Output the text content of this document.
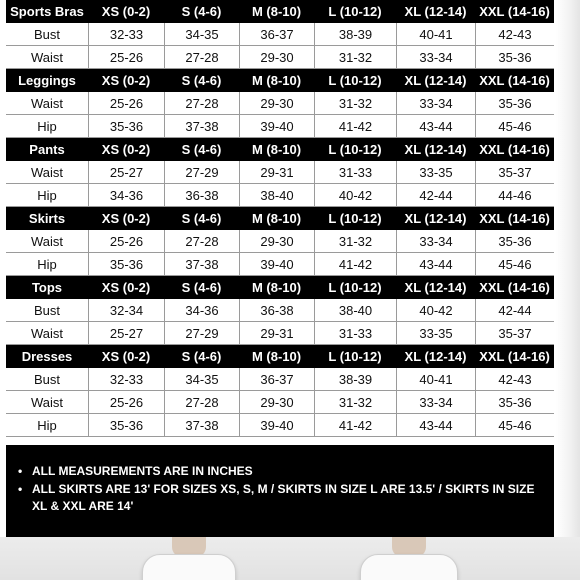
Sports Bras	XS (0-2)	S (4-6)	M (8-10)	L (10-12)	XL (12-14) XXL (14-16)
Bust	32-33	34-35	36-37	38-39	40-41	42-43
Waist	25-26	27-28	29-30	31-32	33-34	35-36
Leggings	XS (0-2)	S (4-6)	M (8-10)	L (10-12)	XL (12-14) XXL (14-16)
Waist	25-26	27-28	29-30	31-32	33-34	35-36
Hip	35-36	37-38	39-40	41-42	43-44	45-46
Pants	XS (0-2)	S (4-6)	M (8-10)	L (10-12)	XL (12-14) XXL (14-16)
Waist	25-27	27-29	29-31	31-33	33-35	35-37
Hip	34-36	36-38	38-40	40-42	42-44	44-46
Skirts	XS (0-2)	S (4-6)	M (8-10)	L (10-12)	XL (12-14) XXL (14-16)
Waist	25-26	27-28	29-30	31-32	33-34	35-36
Hip	35-36	37-38	39-40	41-42	43-44	45-46
Tops	XS (0-2)	S (4-6)	M (8-10)	L (10-12)	XL (12-14) XXL (14-16)
Bust	32-34	34-36	36-38	38-40	40-42	42-44
Waist	25-27	27-29	29-31	31-33	33-35	35-37
Dresses	XS (0-2)	S (4-6)	M (8-10)	L (10-12)	XL (12-14) XXL (14-16)
Bust	32-33	34-35	36-37	38-39	40-41	42-43
Waist	25-26	27-28	29-30	31-32	33-34	35-36
Hip	35-36	37-38	39-40	41-42	43-44	45-46
• ALL MEASUREMENTS ARE IN INCHES
• ALL SKIRTS ARE 13' FOR SIZES XS, S, M / SKIRTS IN SIZE L ARE 13.5' / SKIRTS IN SIZE XL & XXL ARE 14'
